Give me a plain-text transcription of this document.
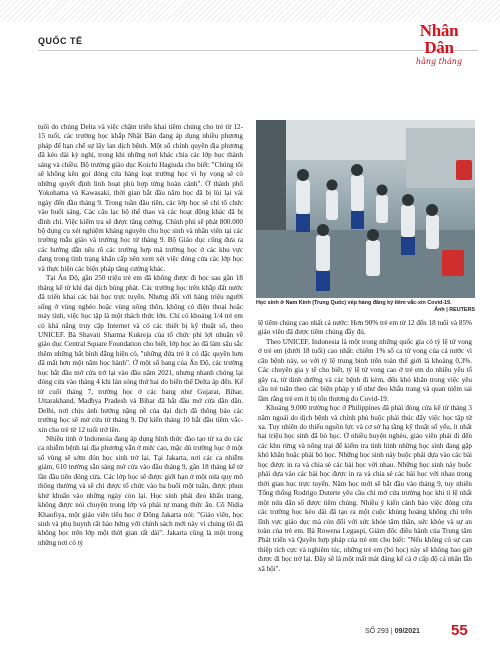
QUỐC TẾ
Nhân Dân
hằng tháng
Học sinh ở Nam Kinh (Trung Quốc) xếp hàng đăng ký tiêm vắc-xin Covid-19.
Ảnh | REUTERS

tuổi do chủng Delta và việc chậm triển khai tiêm chủng cho trẻ từ 12-15 tuổi, các trường học khắp Nhật Bản đang áp dụng nhiều phương pháp để hạn chế sự lây lan dịch bệnh. Một số chính quyền địa phương đã kéo dài kỳ nghỉ, trong khi những nơi khác chia các lớp học thành sáng và chiều. Bộ trưởng giáo dục Koichi Hagiuda cho biết: "Chúng tôi sẽ không kêu gọi đóng cửa hàng loạt trường học vì hy vọng sẽ có những quyết định linh hoạt phù hợp từng hoàn cảnh". Ở thành phố Yokohama và Kawasaki, thời gian bắt đầu năm học đã bị lùi lại vài ngày đến đầu tháng 9. Trong tuần đầu tiên, các lớp học sẽ chỉ tổ chức vào buổi sáng. Các câu lạc bộ thể thao và các hoạt động khác đã bị đình chỉ. Việc kiểm tra sẽ được tăng cường. Chính phủ sẽ phát 800.000 bộ dụng cụ xét nghiệm kháng nguyên cho học sinh và nhân viên tại các trường mẫu giáo và trường học từ tháng 9. Bộ Giáo dục cũng đưa ra các hướng dẫn nêu rõ các trường hợp mà trường học ở các khu vực đang trong tình trạng khẩn cấp nên xem xét việc đóng cửa các lớp học và thực hiện các biện pháp tăng cường khác.

Tại Ấn Độ, gần 250 triệu trẻ em đã không được đi học sau gần 18 tháng kể từ khi đại dịch bùng phát. Các trường học trên khắp đất nước đã triển khai các bài học trực tuyến. Nhưng đối với hàng triệu người sống ở vùng nghèo hoặc vùng nông thôn, không có điện thoại hoặc máy tính, việc học tập là một thách thức lớn. Chỉ có khoảng 1/4 trẻ em có khả năng truy cập Internet và có các thiết bị kỹ thuật số, theo UNICEF. Bà Shavati Sharma Kukreja của tổ chức phi lợi nhuận về giáo dục Central Square Foundation cho biết, lớp học ảo đã làm sâu sắc thêm những bất bình đẳng hiện có, "những đứa trẻ ít có đặc quyền hơn đã mất hơn một năm học hành". Ở một số bang của Ấn Độ, các trường học bắt đầu mở cửa trở lại vào đầu năm 2021, nhưng nhanh chóng lại đóng cửa vào tháng 4 khi làn sóng thứ hai do biến thể Delta áp đến. Kể từ cuối tháng 7, trường học ở các bang như Gujarat, Bihar, Uttarakhand, Madhya Pradesh và Bihar đã bắt đầu mở cửa dần dần. Delhi, nơi chịu ảnh hưởng nặng nề của đại dịch đã thông báo các trường học sẽ mở cửa từ tháng 9. Dự kiến tháng 10 bắt đầu tiêm vắc-xin cho trẻ từ 12 tuổi trở lên.

Nhiều tỉnh ở Indonesia đang áp dụng hình thức đào tạo từ xa do các ca nhiễm bệnh tại địa phương vẫn ở mức cao, mặc dù trường học ở một số vùng sẽ sớm đón học sinh trở lại. Tại Jakarta, nơi các ca nhiễm giảm, 610 trường sẵn sàng mở cửa vào đầu tháng 9, gần 18 tháng kể từ lần đầu tiên đóng cửa. Các lớp học sẽ được giới hạn ở một nửa quy mô thông thường và sẽ chỉ được tổ chức vào ba buổi một tuần, được phun khử khuẩn vào những ngày còn lại. Học sinh phải đeo khẩu trang, không được nói chuyện trong lớp và phải tự mang thức ăn. Cô Nidia Khaofiya, một giáo viên tiểu học ở Đông Jakarta nói: "Giáo viên, học sinh và phụ huynh rất hào hứng với chính sách mới này vì chúng tôi đã không học trên lớp một thời gian rất dài". Jakarta cũng là một trong những nơi có tỷ

lệ tiêm chủng cao nhất cả nước: Hơn 90% trẻ em từ 12 đến 18 tuổi và 85% giáo viên đã được tiêm chủng đầy đủ.

Theo UNICEF, Indonesia là một trong những quốc gia có tỷ lệ tử vong ở trẻ em (dưới 18 tuổi) cao nhất: chiếm 1% số ca tử vong của cả nước vì căn bệnh này, so với tỷ lệ trung bình trên toàn thế giới là khoảng 0,3%. Các chuyên gia y tế cho biết, tỷ lệ tử vong cao ở trẻ em do nhiều yếu tố gây ra, từ dinh dưỡng và các bệnh đi kèm, đến khó khăn trong việc yêu cầu trẻ tuân theo các biện pháp y tế như đeo khẩu trang và quan niệm sai lầm rằng trẻ em ít bị tổn thương do Covid-19.

Khoảng 9.000 trường học ở Philippines đã phải đóng cửa kể từ tháng 3 năm ngoái do dịch bệnh và chính phủ buộc phải thúc đẩy việc học tập từ xa. Tuy nhiên do thiếu nguồn lực và cơ sở hạ tầng kỹ thuật số yếu, ít nhất hai triệu học sinh đã bỏ học. Ở nhiều huyện nghèo, giáo viên phải đi đến các khu rừng và nông trại để kiểm tra tình hình những học sinh đang gặp khó khăn hoặc phải bỏ học. Những học sinh này buộc phải dựa vào các bài học được in ra và chia sẻ các bài học với nhau. Những học sinh này buộc phải dựa vào các bài học được in ra và chia sẻ các bài học với nhau trong thời gian học trực tuyến. Năm học mới sẽ bắt đầu vào tháng 9, tuy nhiên Tổng thống Rodrigo Duterte yêu cầu chỉ mở cửa trường học khi tỉ lệ nhất một nửa dân số được tiêm chủng. Nhiều ý kiến cảnh báo việc đóng cửa các trường học kéo dài đã tạo ra một cuộc khủng hoảng không chỉ trên lĩnh vực giáo dục mà còn đối với sức khỏe tâm thần, sức khỏe và sự an toàn của trẻ em. Bà Rowena Legaspi, Giám đốc điều hành của Trung tâm Phát triển và Quyền hợp pháp của trẻ em cho biết: "Nếu không có sự can thiệp tích cực và nghiêm túc, những trẻ em (bỏ học) này sẽ không bao giờ được đi học trở lại. Đây sẽ là một mất mát đáng kể cả ở cấp độ cá nhân lẫn xã hội".

SỐ 293 | 09/2021 55
